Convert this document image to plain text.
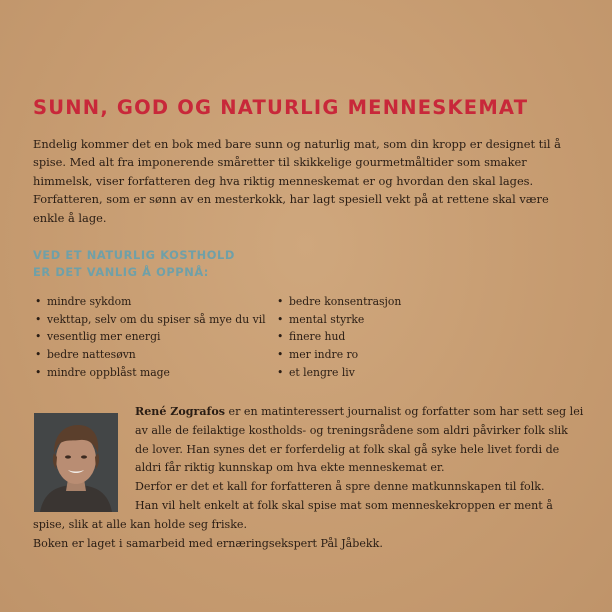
SUNN, GOD OG NATURLIG MENNESKEMAT

Endelig kommer det en bok med bare sunn og naturlig mat, som din kropp er designet til å spise. Med alt fra imponerende småretter til skikkelige gourmetmåltider som smaker himmelsk, viser forfatteren deg hva riktig menneskemat er og hvordan den skal lages. Forfatteren, som er sønn av en mesterkokk, har lagt spesiell vekt på at rettene skal være enkle å lage.

VED ET NATURLIG KOSTHOLD
ER DET VANLIG Å OPPNÅ:
• mindre sykdom
• vekttap, selv om du spiser så mye du vil
• vesentlig mer energi
• bedre nattesøvn
• mindre oppblåst mage
• bedre konsentrasjon
• mental styrke
• finere hud
• mer indre ro
• et lengre liv
René Zografos er en matinteressert journalist og forfatter som har sett seg lei
av alle de feilaktige kostholds- og treningsrådene som aldri påvirker folk slik
de lover. Han synes det er forferdelig at folk skal gå syke hele livet fordi de
aldri får riktig kunnskap om hva ekte menneskemat er.
Derfor er det et kall for forfatteren å spre denne matkunnskapen til folk.
Han vil helt enkelt at folk skal spise mat som menneskekroppen er ment å
spise, slik at alle kan holde seg friske.
Boken er laget i samarbeid med ernæringsekspert Pål Jåbekk.
